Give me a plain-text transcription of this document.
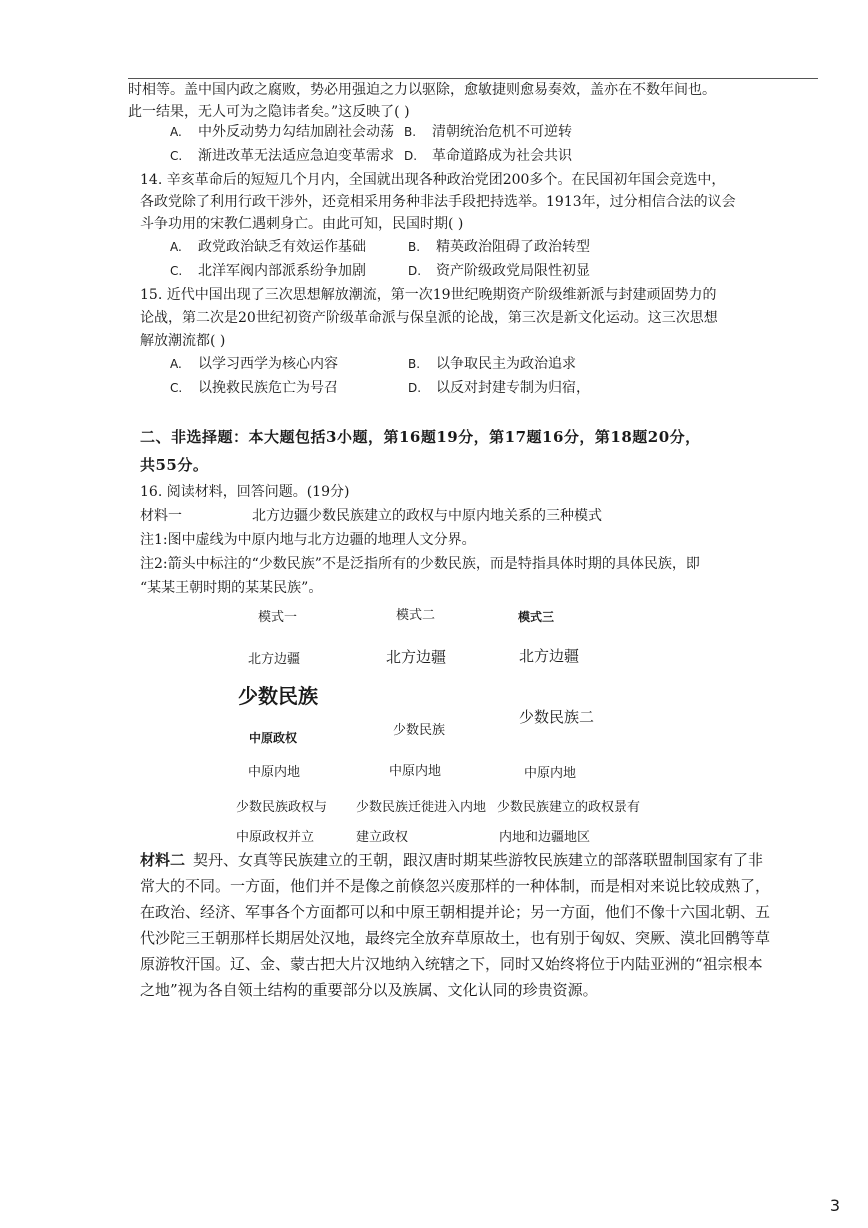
时相等。盖中国内政之腐败，势必用强迫之力以驱除，愈敏捷则愈易奏效，盖亦在不数年间也。
此一结果，无人可为之隐讳者矣。”这反映了( )
A. 中外反动势力勾结加剧社会动荡 B. 清朝统治危机不可逆转
C. 渐进改革无法适应急迫变革需求 D. 革命道路成为社会共识
14. 辛亥革命后的短短几个月内，全国就出现各种政治党团200多个。在民国初年国会竞选中，
各政党除了利用行政干涉外，还竞相采用务种非法手段把持选举。1913年，过分相信合法的议会
斗争功用的宋教仁遇刺身亡。由此可知，民国时期( )
A. 政党政治缺乏有效运作基础	B. 精英政治阻碍了政治转型
C. 北洋军阀内部派系纷争加剧	D. 资产阶级政党局限性初显
15. 近代中国出现了三次思想解放潮流，第一次19世纪晚期资产阶级维新派与封建顽固势力的
论战，第二次是20世纪初资产阶级革命派与保皇派的论战，第三次是新文化运动。这三次思想
解放潮流都( )
A. 以学习西学为核心内容	B. 以争取民主为政治追求
C. 以挽救民族危亡为号召	D. 以反对封建专制为归宿，
二、非选择题：本大题包括3小题，第16题19分，第17题16分，第18题20分，
共55分。
16. 阅读材料，回答问题。(19分)
材料一	北方边疆少数民族建立的政权与中原内地关系的三种模式
注1:图中虚线为中原内地与北方边疆的地理人文分界。
注2:箭头中标注的“少数民族”不是泛指所有的少数民族，而是特指具体时期的具体民族，即
“某某王朝时期的某某民族”。
模式一	模式二	模式三
北方边疆	北方边疆	北方边疆
少数民族
少数民族二
少数民族
中原政权
中原内地	中原内地	中原内地
少数民族政权与 少数民族迁徙进入内地 少数民族建立的政权景有
中原政权并立	建立政权	内地和边疆地区
材料二 契丹、女真等民族建立的王朝，跟汉唐时期某些游牧民族建立的部落联盟制国家有了非
常大的不同。一方面，他们并不是像之前倏忽兴废那样的一种体制，而是相对来说比较成熟了，
在政治、经济、军事各个方面都可以和中原王朝相提并论；另一方面，他们不像十六国北朝、五
代沙陀三王朝那样长期居处汉地，最终完全放弃草原故土，也有别于匈奴、突厥、漠北回鹘等草
原游牧汗国。辽、金、蒙古把大片汉地纳入统辖之下，同时又始终将位于内陆亚洲的“祖宗根本
之地”视为各自领土结构的重要部分以及族属、文化认同的珍贵资源。
3
